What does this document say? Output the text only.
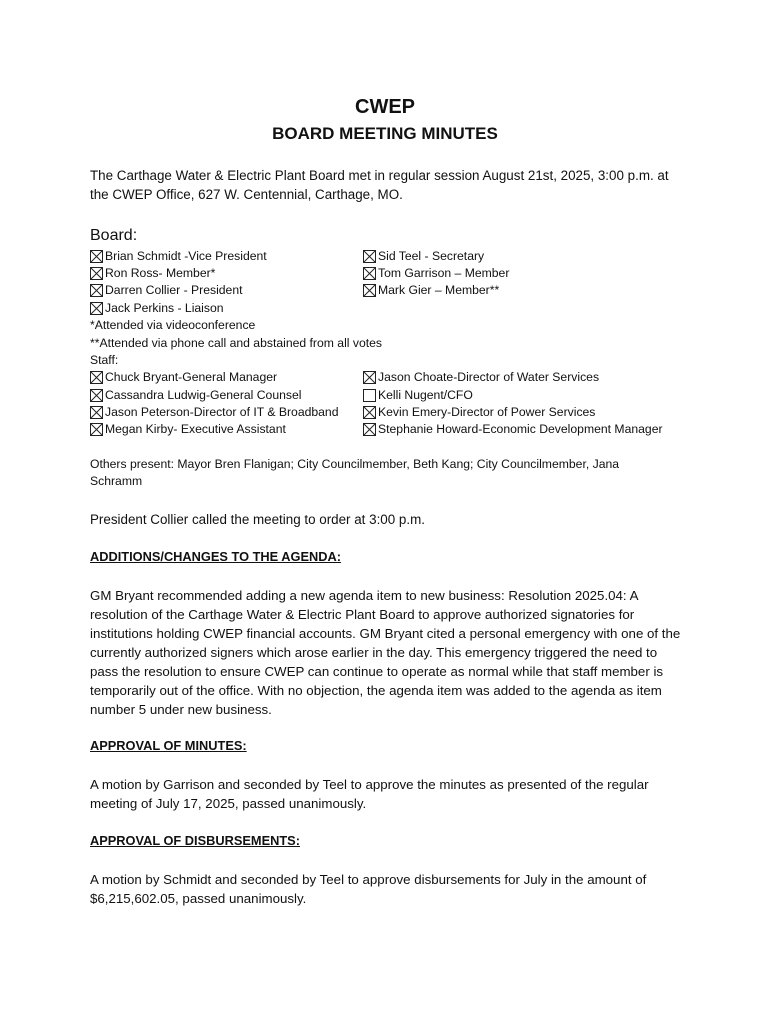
CWEP
BOARD MEETING MINUTES
The Carthage Water & Electric Plant Board met in regular session August 21st, 2025, 3:00 p.m. at the CWEP Office, 627 W. Centennial, Carthage, MO.
Board:
Brian Schmidt -Vice President
Ron Ross- Member*
Darren Collier - President
Jack Perkins - Liaison
Sid Teel - Secretary
Tom Garrison – Member
Mark Gier – Member**
*Attended via videoconference
**Attended via phone call and abstained from all votes
Staff:
Chuck Bryant-General Manager
Cassandra Ludwig-General Counsel
Jason Peterson-Director of IT & Broadband
Megan Kirby- Executive Assistant
Jason Choate-Director of Water Services
Kelli Nugent/CFO
Kevin Emery-Director of Power Services
Stephanie Howard-Economic Development Manager
Others present: Mayor Bren Flanigan; City Councilmember, Beth Kang; City Councilmember, Jana Schramm
President Collier called the meeting to order at 3:00 p.m.
ADDITIONS/CHANGES TO THE AGENDA:
GM Bryant recommended adding a new agenda item to new business: Resolution 2025.04: A resolution of the Carthage Water & Electric Plant Board to approve authorized signatories for institutions holding CWEP financial accounts. GM Bryant cited a personal emergency with one of the currently authorized signers which arose earlier in the day. This emergency triggered the need to pass the resolution to ensure CWEP can continue to operate as normal while that staff member is temporarily out of the office. With no objection, the agenda item was added to the agenda as item number 5 under new business.
APPROVAL OF MINUTES:
A motion by Garrison and seconded by Teel to approve the minutes as presented of the regular meeting of July 17, 2025, passed unanimously.
APPROVAL OF DISBURSEMENTS:
A motion by Schmidt and seconded by Teel to approve disbursements for July in the amount of $6,215,602.05, passed unanimously.
